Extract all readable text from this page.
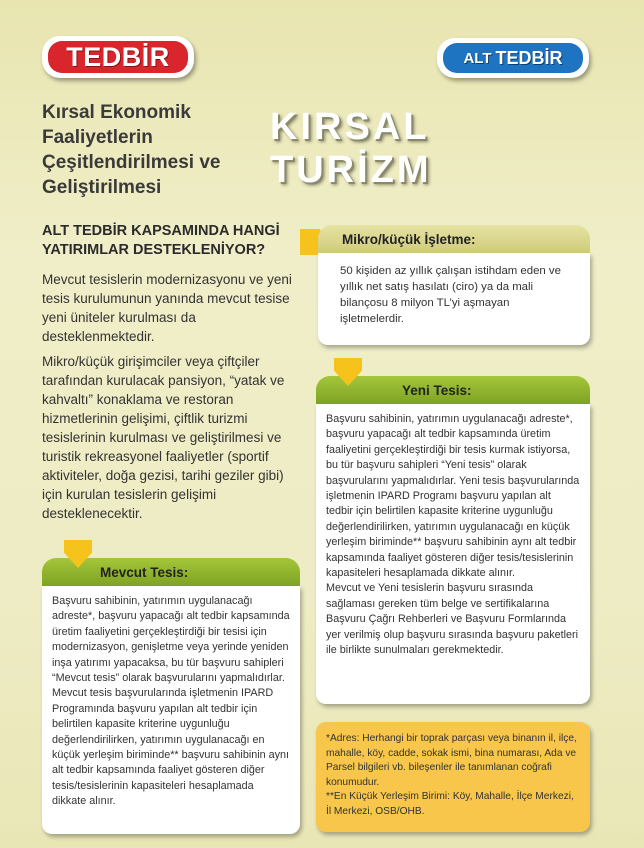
TEDBİR	ALT TEDBİR
Kırsal Ekonomik Faaliyetlerin Çeşitlendirilmesi ve Geliştirilmesi
KIRSAL TURİZM
ALT TEDBİR KAPSAMINDA HANGİ YATIRIMLAR DESTEKLENİYOR?
Mevcut tesislerin modernizasyonu ve yeni tesis kurulumunun yanında mevcut tesise yeni üniteler kurulması da desteklenmektedir.
Mikro/küçük girişimciler veya çiftçiler tarafından kurulacak pansiyon, “yatak ve kahvaltı” konaklama ve restoran hizmetlerinin gelişimi, çiftlik turizmi tesislerinin kurulması ve geliştirilmesi ve turistik rekreasyonel faaliyetler (sportif aktiviteler, doğa gezisi, tarihi geziler gibi) için kurulan tesislerin gelişimi desteklenecektir.
Mikro/küçük İşletme:
50 kişiden az yıllık çalışan istihdam eden ve yıllık net satış hasılatı (ciro) ya da mali bilançosu 8 milyon TL’yi aşmayan işletmelerdir.
Yeni Tesis:

Başvuru sahibinin, yatırımın uygulanacağı adreste*, başvuru yapacağı alt tedbir kapsamında üretim faaliyetini gerçekleştirdiği bir tesis kurmak istiyorsa, bu tür başvuru sahipleri “Yeni tesis” olarak başvurularını yapmalıdırlar. Yeni tesis başvurularında işletmenin IPARD Programı başvuru yapılan alt tedbir için belirtilen kapasite kriterine uygunluğu değerlendirilirken, yatırımın uygulanacağı en küçük yerleşim biriminde** başvuru sahibinin aynı alt tedbir kapsamında faaliyet gösteren diğer tesis/tesislerinin kapasiteleri hesaplamada dikkate alınır.

Mevcut ve Yeni tesislerin başvuru sırasında sağlaması gereken tüm belge ve sertifikalarına Başvuru Çağrı Rehberleri ve Başvuru Formlarında yer verilmiş olup başvuru sırasında başvuru paketleri ile birlikte sunulmaları gerekmektedir.

Mevcut Tesis:
Başvuru sahibinin, yatırımın uygulanacağı adreste*, başvuru yapacağı alt tedbir kapsamında üretim faaliyetini gerçekleştirdiği bir tesisi için modernizasyon, genişletme veya yerinde yeniden inşa yatırımı yapacaksa, bu tür başvuru sahipleri “Mevcut tesis” olarak başvurularını yapmalıdırlar. Mevcut tesis başvurularında işletmenin IPARD Programında başvuru yapılan alt tedbir için belirtilen kapasite kriterine uygunluğu değerlendirilirken, yatırımın uygulanacağı en küçük yerleşim biriminde** başvuru sahibinin aynı alt tedbir kapsamında faaliyet gösteren diğer tesis/tesislerinin kapasiteleri hesaplamada dikkate alınır.
*Adres: Herhangi bir toprak parçası veya binanın il, ilçe, mahalle, köy, cadde, sokak ismi, bina numarası, Ada ve Parsel bilgileri vb. bileşenler ile tanımlanan coğrafi konumudur.
**En Küçük Yerleşim Birimi: Köy, Mahalle, İlçe Merkezi, İl Merkezi, OSB/OHB.
